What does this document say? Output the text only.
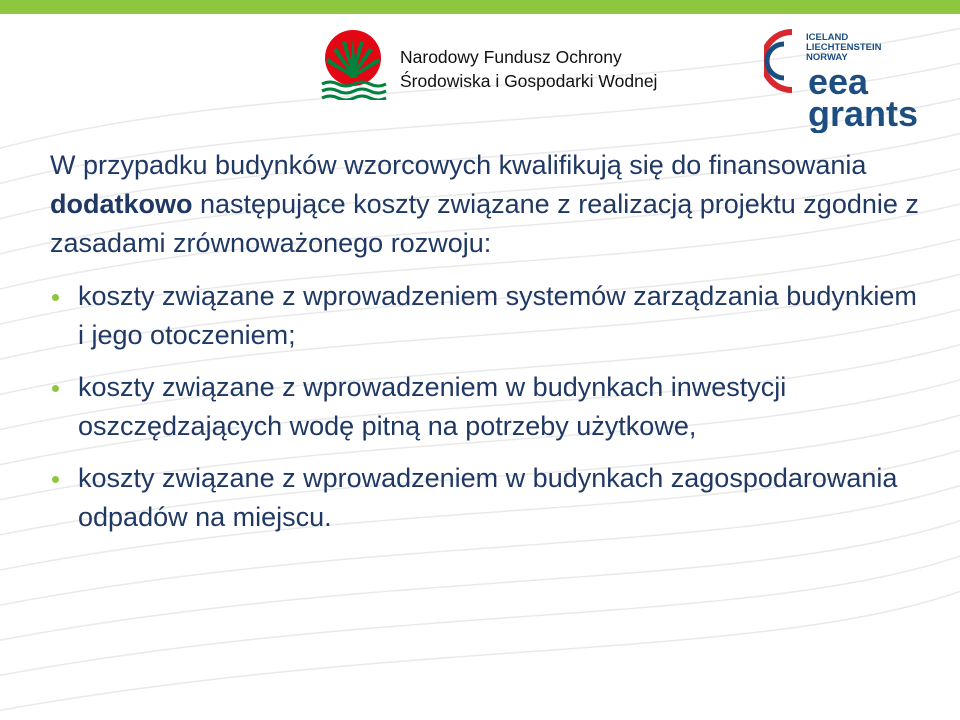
Narodowy Fundusz Ochrony
Środowiska i Gospodarki Wodnej
ICELAND
LIECHTENSTEIN
NORWAY
eea
grants

W przypadku budynków wzorcowych kwalifikują się do finansowania dodatkowo następujące koszty związane z realizacją projektu zgodnie z zasadami zrównoważonego rozwoju:

koszty związane z wprowadzeniem systemów zarządzania budynkiem i jego otoczeniem;
koszty związane z wprowadzeniem w budynkach inwestycji oszczędzających wodę pitną na potrzeby użytkowe,
koszty związane z wprowadzeniem w budynkach zagospodarowania odpadów na miejscu.
